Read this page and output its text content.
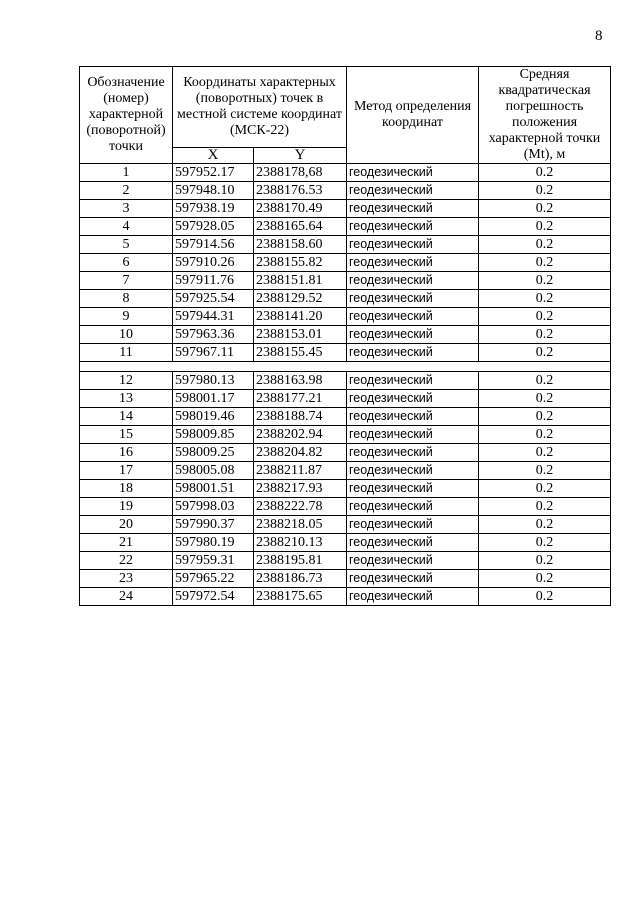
8
Обозначение (номер) характерной (поворотной) точки	Координаты характерных (поворотных) точек в местной системе координат (МСК-22)		Метод определения координат	Средняя квадратическая погрешность положения характерной точки (Mt), м
	X	Y		
1	597952.17	2388178,68	геодезический	0.2
2	597948.10	2388176.53	геодезический	0.2
3	597938.19	2388170.49	геодезический	0.2
4	597928.05	2388165.64	геодезический	0.2
5	597914.56	2388158.60	геодезический	0.2
6	597910.26	2388155.82	геодезический	0.2
7	597911.76	2388151.81	геодезический	0.2
8	597925.54	2388129.52	геодезический	0.2
9	597944.31	2388141.20	геодезический	0.2
10	597963.36	2388153.01	геодезический	0.2
11	597967.11	2388155.45	геодезический	0.2

12	597980.13	2388163.98	геодезический	0.2
13	598001.17	2388177.21	геодезический	0.2
14	598019.46	2388188.74	геодезический	0.2
15	598009.85	2388202.94	геодезический	0.2
16	598009.25	2388204.82	геодезический	0.2
17	598005.08	2388211.87	геодезический	0.2
18	598001.51	2388217.93	геодезический	0.2
19	597998.03	2388222.78	геодезический	0.2
20	597990.37	2388218.05	геодезический	0.2
21	597980.19	2388210.13	геодезический	0.2
22	597959.31	2388195.81	геодезический	0.2
23	597965.22	2388186.73	геодезический	0.2
24	597972.54	2388175.65	геодезический	0.2
